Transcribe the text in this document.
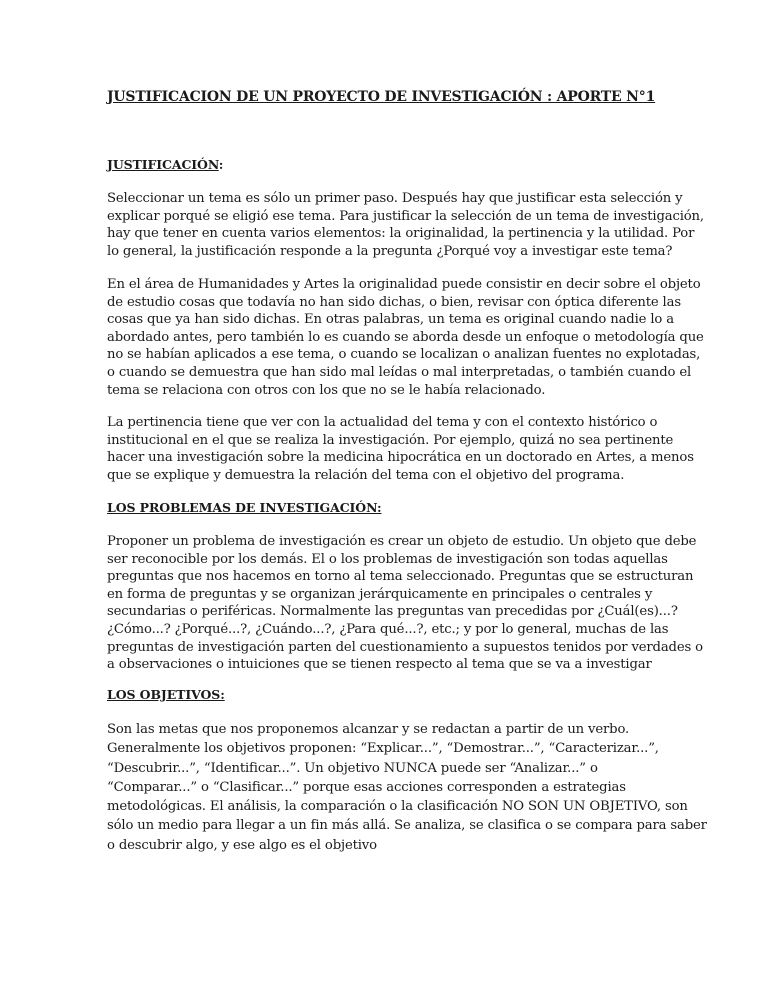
JUSTIFICACION DE UN PROYECTO DE INVESTIGACIÓN : APORTE N°1
JUSTIFICACIÓN:

Seleccionar un tema es sólo un primer paso. Después hay que justificar esta selección y
explicar porqué se eligió ese tema. Para justificar la selección de un tema de investigación,
hay que tener en cuenta varios elementos: la originalidad, la pertinencia y la utilidad. Por
lo general, la justificación responde a la pregunta ¿Porqué voy a investigar este tema?

En el área de Humanidades y Artes la originalidad puede consistir en decir sobre el objeto
de estudio cosas que todavía no han sido dichas, o bien, revisar con óptica diferente las
cosas que ya han sido dichas. En otras palabras, un tema es original cuando nadie lo a
abordado antes, pero también lo es cuando se aborda desde un enfoque o metodología que
no se habían aplicados a ese tema, o cuando se localizan o analizan fuentes no explotadas,
o cuando se demuestra que han sido mal leídas o mal interpretadas, o también cuando el
tema se relaciona con otros con los que no se le había relacionado.

La pertinencia tiene que ver con la actualidad del tema y con el contexto histórico o
institucional en el que se realiza la investigación. Por ejemplo, quizá no sea pertinente
hacer una investigación sobre la medicina hipocrática en un doctorado en Artes, a menos
que se explique y demuestra la relación del tema con el objetivo del programa.

LOS PROBLEMAS DE INVESTIGACIÓN:

Proponer un problema de investigación es crear un objeto de estudio. Un objeto que debe
ser reconocible por los demás. El o los problemas de investigación son todas aquellas
preguntas que nos hacemos en torno al tema seleccionado. Preguntas que se estructuran
en forma de preguntas y se organizan jerárquicamente en principales o centrales y
secundarias o periféricas. Normalmente las preguntas van precedidas por ¿Cuál(es)...?
¿Cómo...? ¿Porqué...?, ¿Cuándo...?, ¿Para qué...?, etc.; y por lo general, muchas de las
preguntas de investigación parten del cuestionamiento a supuestos tenidos por verdades o
a observaciones o intuiciones que se tienen respecto al tema que se va a investigar

LOS OBJETIVOS:

Son las metas que nos proponemos alcanzar y se redactan a partir de un verbo.
Generalmente los objetivos proponen: “Explicar...”, “Demostrar...”, “Caracterizar...”,
“Descubrir...”, “Identificar...”. Un objetivo NUNCA puede ser “Analizar...” o
“Comparar...” o “Clasificar...” porque esas acciones corresponden a estrategias
metodológicas. El análisis, la comparación o la clasificación NO SON UN OBJETIVO, son
sólo un medio para llegar a un fin más allá. Se analiza, se clasifica o se compara para saber
o descubrir algo, y ese algo es el objetivo
